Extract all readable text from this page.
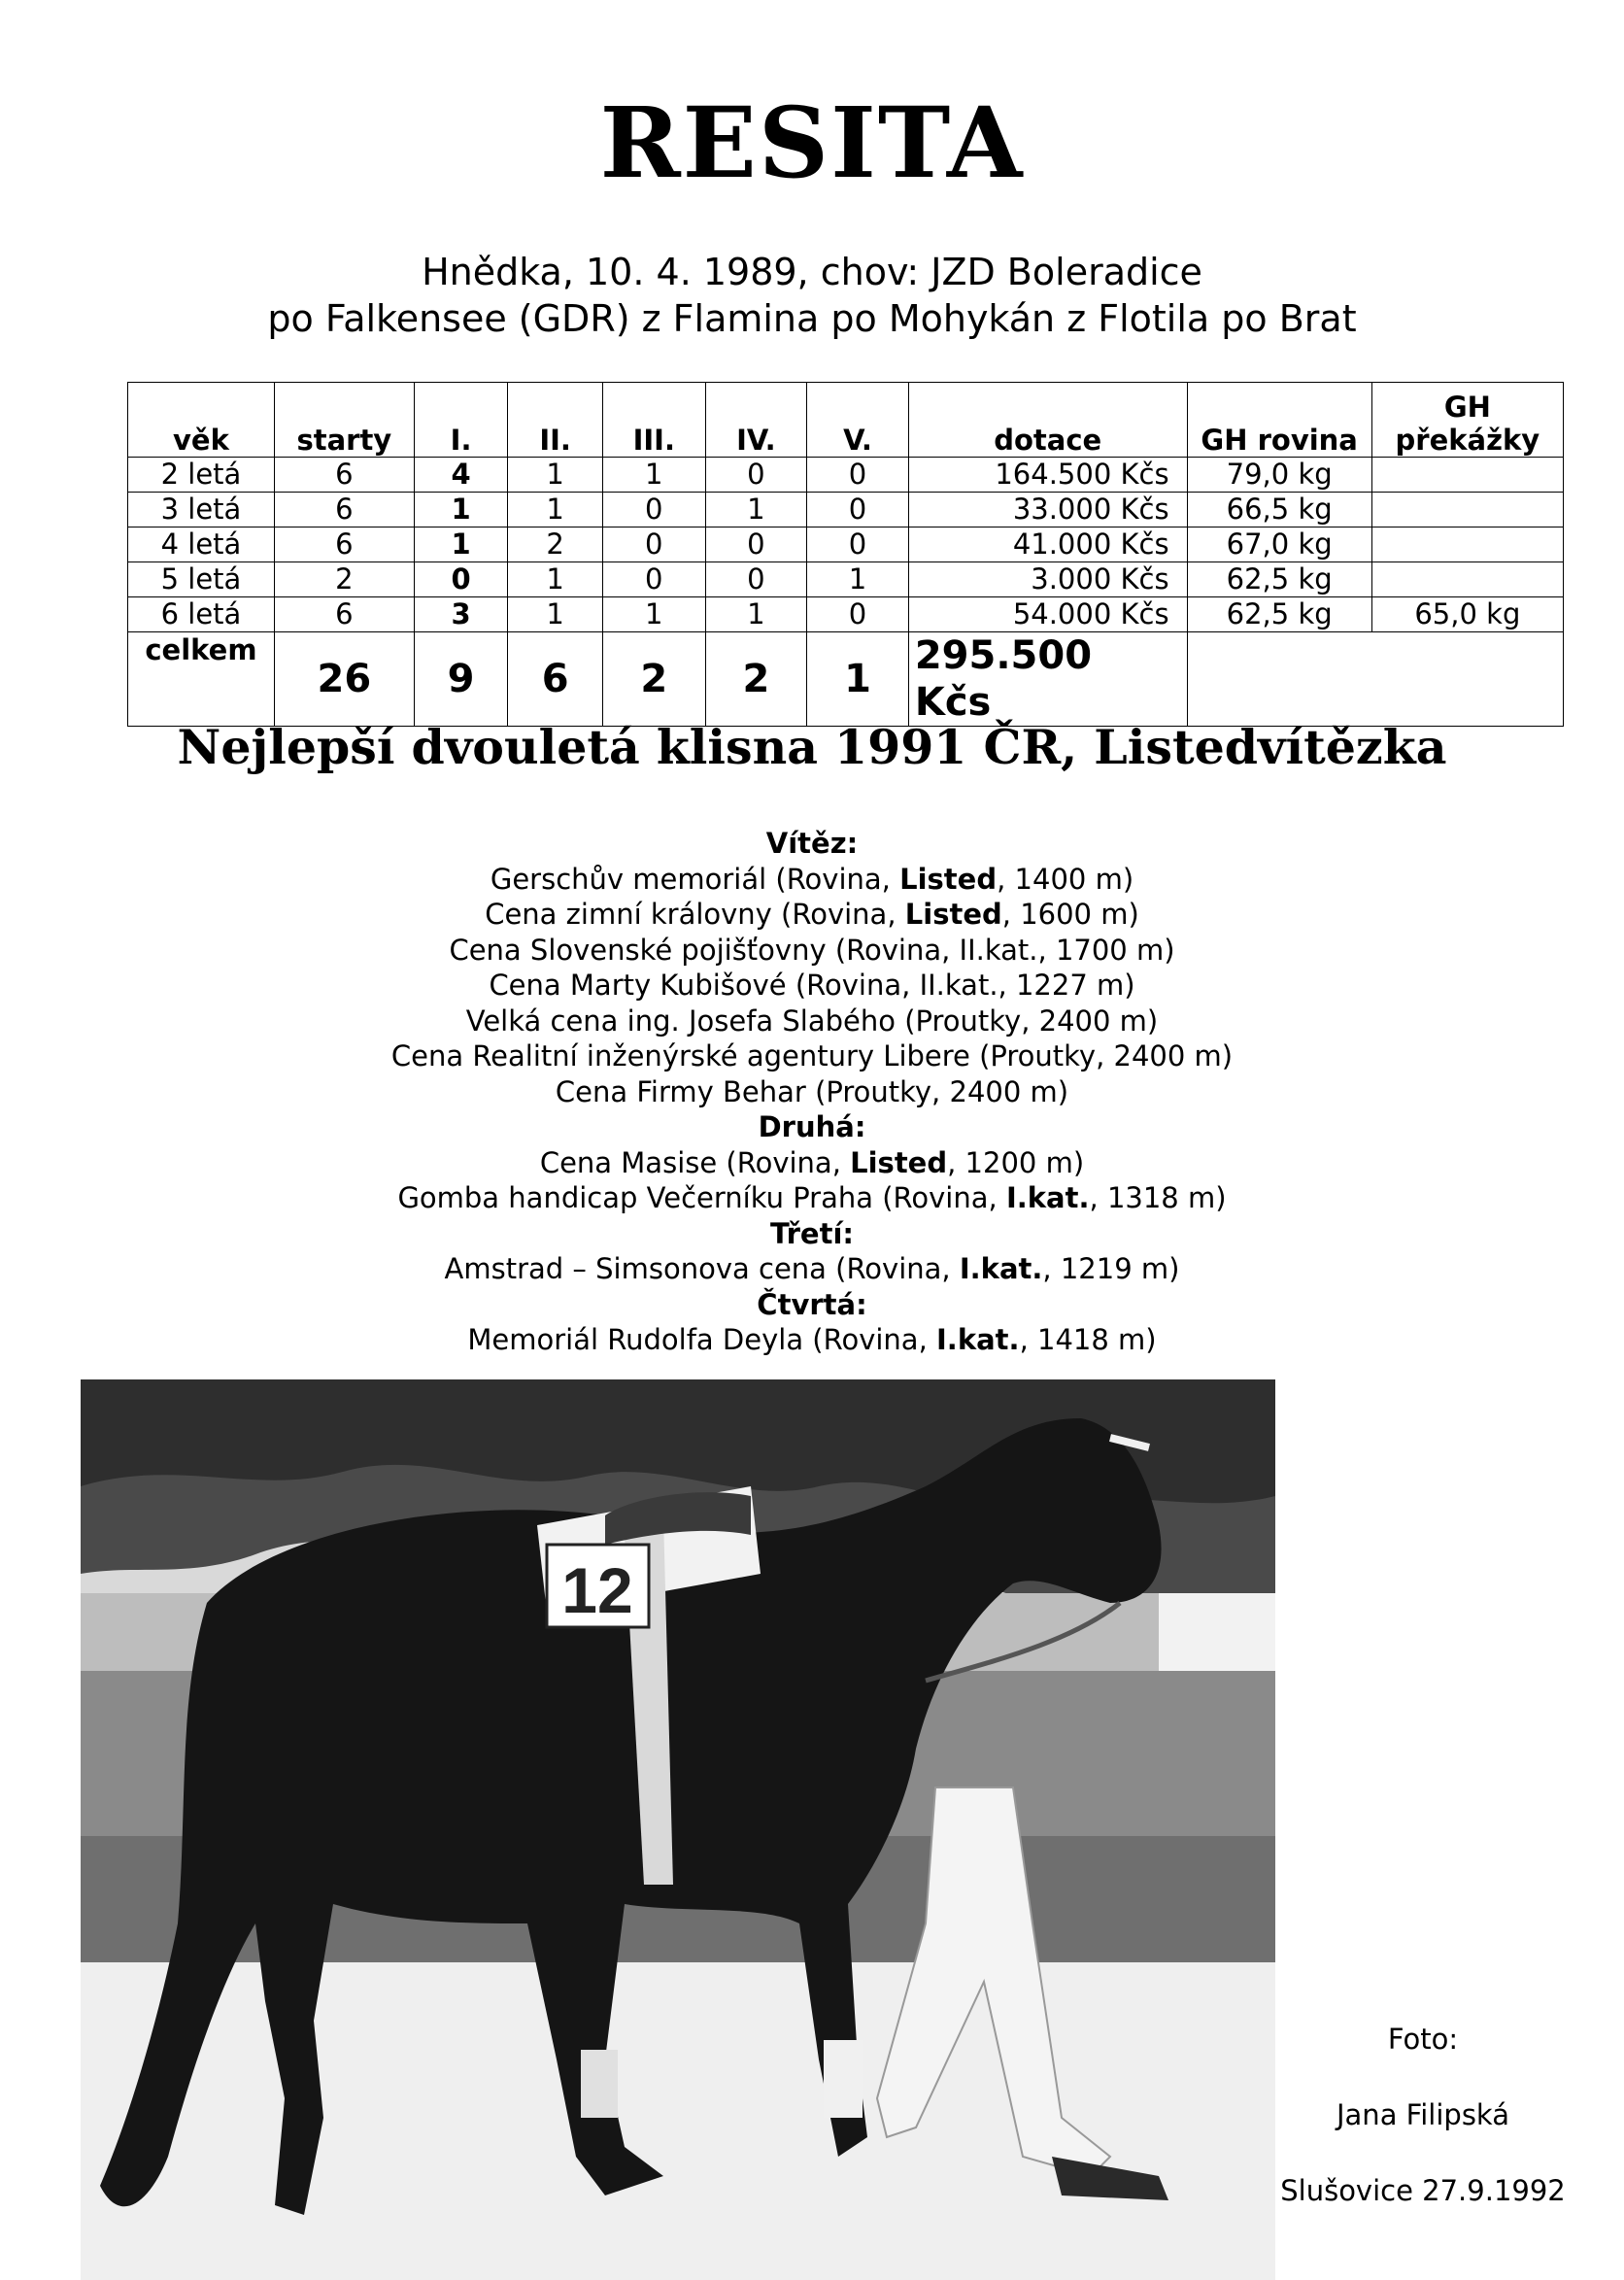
RESITA
Hnědka, 10. 4. 1989, chov: JZD Boleradice
po Falkensee (GDR) z Flamina po Mohykán z Flotila po Brat
věk	starty	I.	II.	III.	IV.	V.	dotace	GH rovina	GH překážky
2 letá	6	4	1	1	0	0	164.500 Kčs	79,0 kg	
3 letá	6	1	1	0	1	0	33.000 Kčs	66,5 kg	
4 letá	6	1	2	0	0	0	41.000 Kčs	67,0 kg	
5 letá	2	0	1	0	0	1	3.000 Kčs	62,5 kg	
6 letá	6	3	1	1	1	0	54.000 Kčs	62,5 kg	65,0 kg
celkem	26	9	6	2	2	1	295.500 Kčs		
Nejlepší dvouletá klisna 1991 ČR, Listedvítězka
Vítěz:
Gerschův memoriál (Rovina, Listed, 1400 m)
Cena zimní královny (Rovina, Listed, 1600 m)
Cena Slovenské pojišťovny (Rovina, II.kat., 1700 m)
Cena Marty Kubišové (Rovina, II.kat., 1227 m)
Velká cena ing. Josefa Slabého (Proutky, 2400 m)
Cena Realitní inženýrské agentury Libere (Proutky, 2400 m)
Cena Firmy Behar (Proutky, 2400 m)
Druhá:
Cena Masise (Rovina, Listed, 1200 m)
Gomba handicap Večerníku Praha (Rovina, I.kat., 1318 m)
Třetí:
Amstrad – Simsonova cena (Rovina, I.kat., 1219 m)
Čtvrtá:
Memoriál Rudolfa Deyla (Rovina, I.kat., 1418 m)
12
Foto:
Jana Filipská
Slušovice 27.9.1992
